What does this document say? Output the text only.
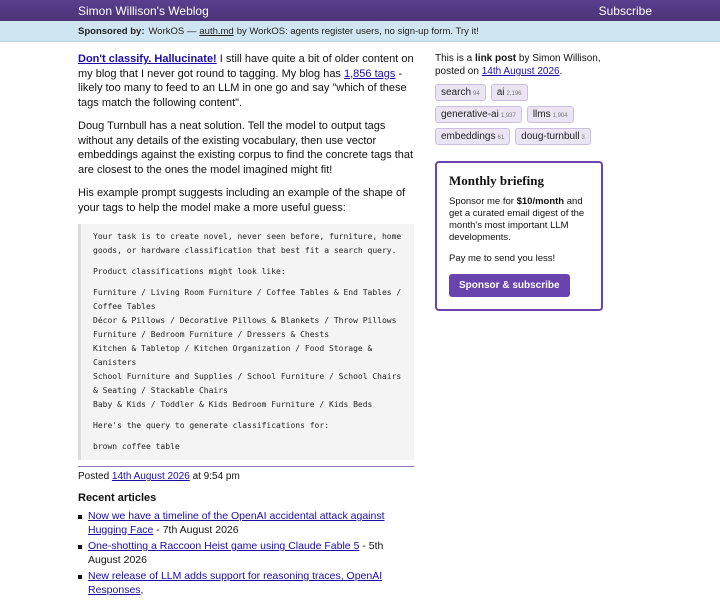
Simon Willison's Weblog	Subscribe
Sponsored by: WorkOS — auth.md by WorkOS: agents register users, no sign-up form. Try it!

Don't classify. Hallucinate! I still have quite a bit of older content on my blog that I never got round to tagging. My blog has 1,856 tags - likely too many to feed to an LLM in one go and say "which of these tags match the following content".

Doug Turnbull has a neat solution. Tell the model to output tags without any details of the existing vocabulary, then use vector embeddings against the existing corpus to find the concrete tags that are closest to the ones the model imagined might fit!

His example prompt suggests including an example of the shape of your tags to help the model make a more useful guess:

Your task is to create novel, never seen before, furniture, home goods, or hardware classification that best fit a search query.
Product classifications might look like:
Furniture / Living Room Furniture / Coffee Tables & End Tables / Coffee Tables
Décor & Pillows / Decorative Pillows & Blankets / Throw Pillows
Furniture / Bedroom Furniture / Dressers & Chests
Kitchen & Tabletop / Kitchen Organization / Food Storage & Canisters
School Furniture and Supplies / School Furniture / School Chairs & Seating / Stackable Chairs
Baby & Kids / Toddler & Kids Bedroom Furniture / Kids Beds
Here's the query to generate classifications for:
brown coffee table
Posted 14th August 2026 at 9:54 pm
Recent articles
Now we have a timeline of the OpenAI accidental attack against Hugging Face - 7th August 2026
One-shotting a Raccoon Heist game using Claude Fable 5 - 5th August 2026
New release of LLM adds support for reasoning traces, OpenAI Responses,

This is a link post by Simon Willison, posted on 14th August 2026.

search 94	ai 2,196
generative-ai 1,937	llms 1,904
embeddings 61	doug-turnbull 3
Monthly briefing

Sponsor me for $10/month and get a curated email digest of the month's most important LLM developments.

Pay me to send you less!

Sponsor & subscribe
